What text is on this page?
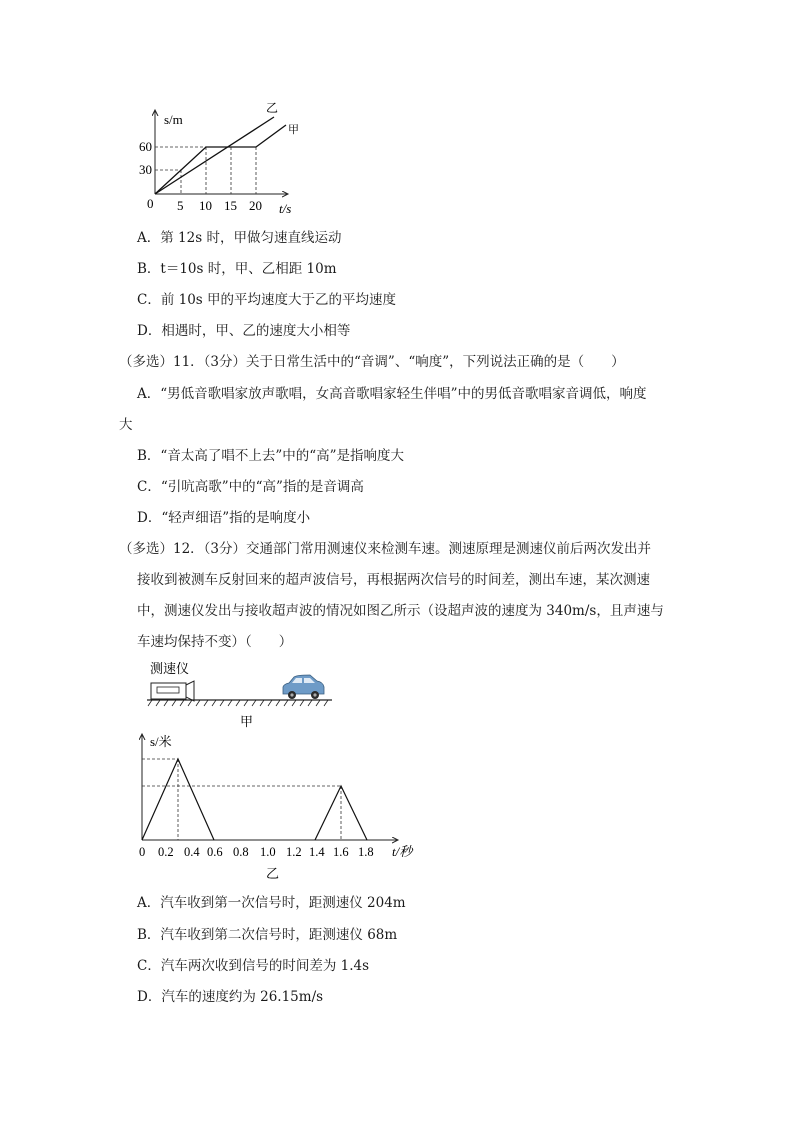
s/m
60
30
0 5 10 15 20 t/s
乙
甲
A．第 12s 时，甲做匀速直线运动
B．t＝10s 时，甲、乙相距 10m
C．前 10s 甲的平均速度大于乙的平均速度
D．相遇时，甲、乙的速度大小相等
（多选）11．（3分）关于日常生活中的“音调”、“响度”，下列说法正确的是（　　）
A．“男低音歌唱家放声歌唱，女高音歌唱家轻生伴唱”中的男低音歌唱家音调低，响度
大
B．“音太高了唱不上去”中的“高”是指响度大
C．“引吭高歌”中的“高”指的是音调高
D．“轻声细语”指的是响度小
（多选）12．（3分）交通部门常用测速仪来检测车速。测速原理是测速仪前后两次发出并
接收到被测车反射回来的超声波信号，再根据两次信号的时间差，测出车速，某次测速
中，测速仪发出与接收超声波的情况如图乙所示（设超声波的速度为 340m/s，且声速与
车速均保持不变）（　　）
测速仪
甲
s/米
0 0.2 0.4 0.6 0.8 1.0 1.2 1.4 1.6 1.8 t/秒
乙
A．汽车收到第一次信号时，距测速仪 204m
B．汽车收到第二次信号时，距测速仪 68m
C．汽车两次收到信号的时间差为 1.4s
D．汽车的速度约为 26.15m/s
